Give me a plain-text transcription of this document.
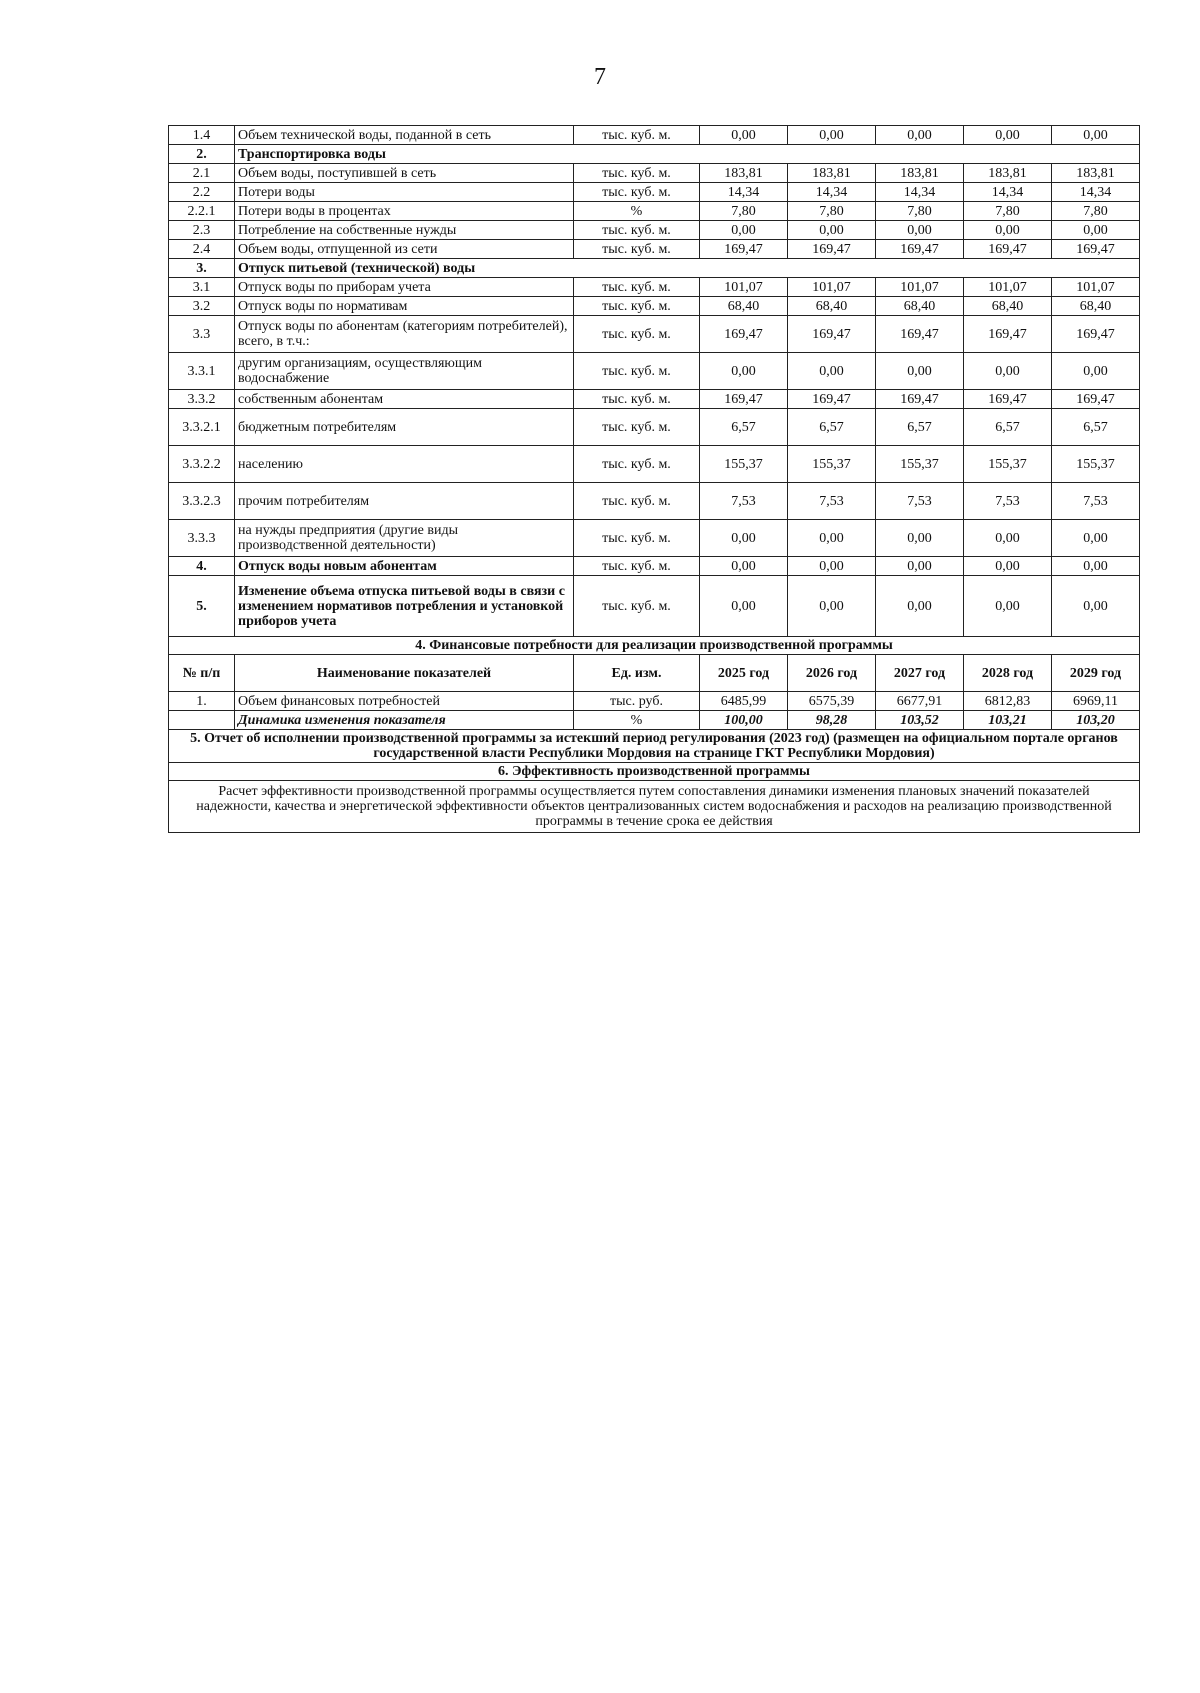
7
1.4	Объем технической воды, поданной в сеть	тыс. куб. м.	0,00	0,00	0,00	0,00	0,00
2.	Транспортировка воды						
2.1	Объем воды, поступившей в сеть	тыс. куб. м.	183,81	183,81	183,81	183,81	183,81
2.2	Потери воды	тыс. куб. м.	14,34	14,34	14,34	14,34	14,34
2.2.1	Потери воды в процентах	%	7,80	7,80	7,80	7,80	7,80
2.3	Потребление на собственные нужды	тыс. куб. м.	0,00	0,00	0,00	0,00	0,00
2.4	Объем воды, отпущенной из сети	тыс. куб. м.	169,47	169,47	169,47	169,47	169,47
3.	Отпуск питьевой (технической) воды						
3.1	Отпуск воды по приборам учета	тыс. куб. м.	101,07	101,07	101,07	101,07	101,07
3.2	Отпуск воды по нормативам	тыс. куб. м.	68,40	68,40	68,40	68,40	68,40
3.3	Отпуск воды по абонентам (категориям потребителей), всего, в т.ч.:	тыс. куб. м.	169,47	169,47	169,47	169,47	169,47
3.3.1	другим организациям, осуществляющим водоснабжение	тыс. куб. м.	0,00	0,00	0,00	0,00	0,00
3.3.2	собственным абонентам	тыс. куб. м.	169,47	169,47	169,47	169,47	169,47
3.3.2.1	бюджетным потребителям	тыс. куб. м.	6,57	6,57	6,57	6,57	6,57
3.3.2.2	населению	тыс. куб. м.	155,37	155,37	155,37	155,37	155,37
3.3.2.3	прочим потребителям	тыс. куб. м.	7,53	7,53	7,53	7,53	7,53
3.3.3	на нужды предприятия (другие виды производственной деятельности)	тыс. куб. м.	0,00	0,00	0,00	0,00	0,00
4.	Отпуск воды новым абонентам	тыс. куб. м.	0,00	0,00	0,00	0,00	0,00
5.	Изменение объема отпуска питьевой воды в связи с изменением нормативов потребления и установкой приборов учета	тыс. куб. м.	0,00	0,00	0,00	0,00	0,00
4. Финансовые потребности для реализации производственной программы							
№ п/п	Наименование показателей	Ед. изм.	2025 год	2026 год	2027 год	2028 год	2029 год
1.	Объем финансовых потребностей	тыс. руб.	6485,99	6575,39	6677,91	6812,83	6969,11
	Динамика изменения показателя	%	100,00	98,28	103,52	103,21	103,20
5. Отчет об исполнении производственной программы за истекший период регулирования (2023 год) (размещен на официальном портале органов государственной власти Республики Мордовия на странице ГКТ Республики Мордовия)							
6. Эффективность производственной программы							
Расчет эффективности производственной программы осуществляется путем сопоставления динамики изменения плановых значений показателей надежности, качества и энергетической эффективности объектов централизованных систем водоснабжения и расходов на реализацию производственной программы в течение срока ее действия							
